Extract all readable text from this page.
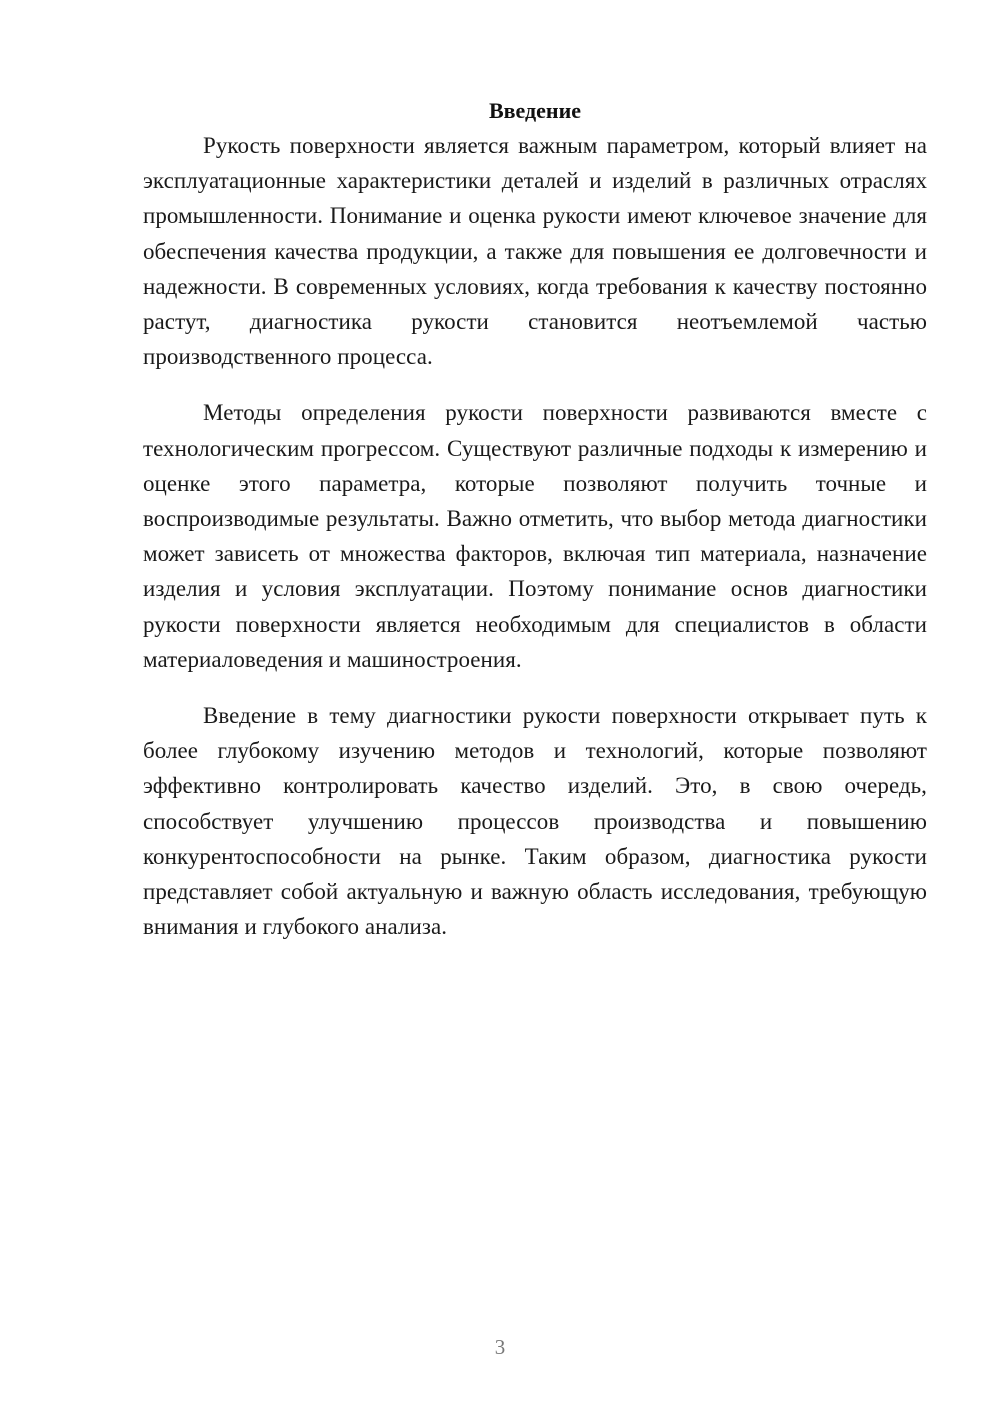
Введение

Рукость поверхности является важным параметром, который влияет на эксплуатационные характеристики деталей и изделий в различных отраслях промышленности. Понимание и оценка рукости имеют ключевое значение для обеспечения качества продукции, а также для повышения ее долговечности и надежности. В современных условиях, когда требования к качеству постоянно растут, диагностика рукости становится неотъемлемой частью производственного процесса.

Методы определения рукости поверхности развиваются вместе с технологическим прогрессом. Существуют различные подходы к измерению и оценке этого параметра, которые позволяют получить точные и воспроизводимые результаты. Важно отметить, что выбор метода диагностики может зависеть от множества факторов, включая тип материала, назначение изделия и условия эксплуатации. Поэтому понимание основ диагностики рукости поверхности является необходимым для специалистов в области материаловедения и машиностроения.

Введение в тему диагностики рукости поверхности открывает путь к более глубокому изучению методов и технологий, которые позволяют эффективно контролировать качество изделий. Это, в свою очередь, способствует улучшению процессов производства и повышению конкурентоспособности на рынке. Таким образом, диагностика рукости представляет собой актуальную и важную область исследования, требующую внимания и глубокого анализа.

3
